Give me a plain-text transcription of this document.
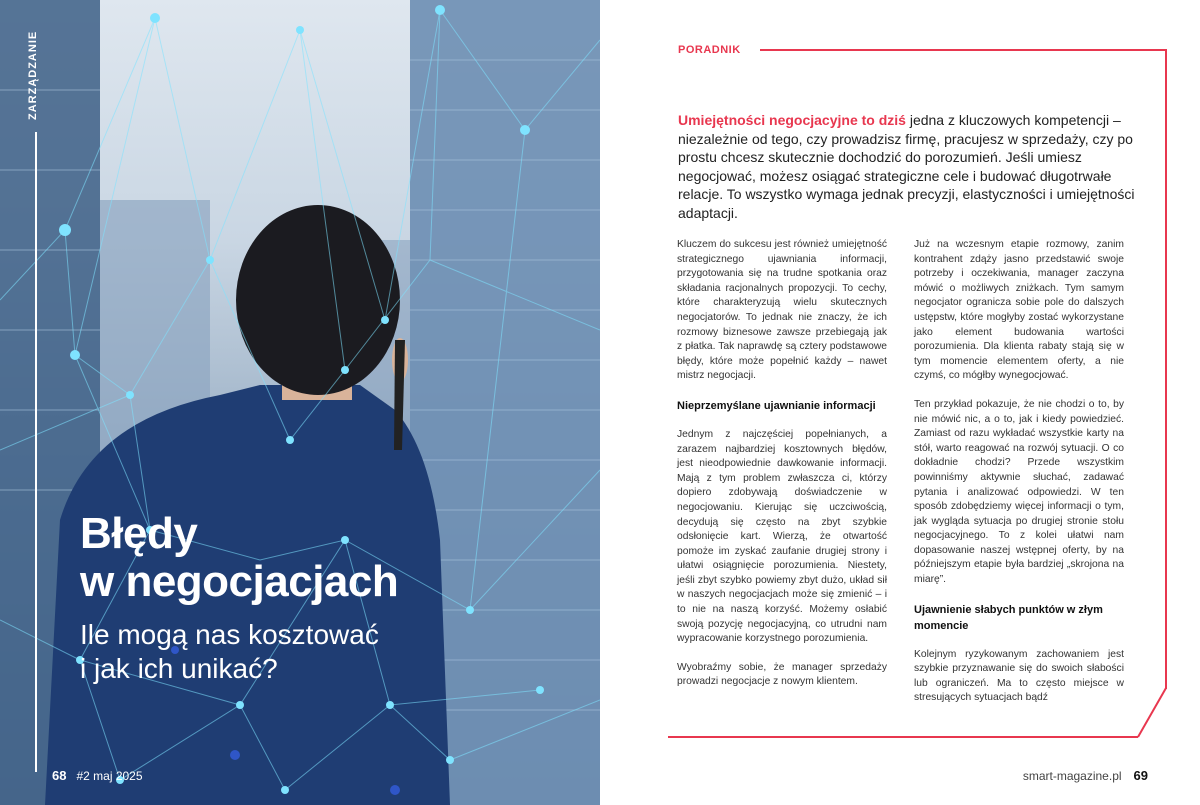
ZARZĄDZANIE
Błędy
w negocjacjach
Ile mogą nas kosztować
i jak ich unikać?
68 #2 maj 2025
PORADNIK

Umiejętności negocjacyjne to dziś jedna z kluczowych kompetencji – niezależnie od tego, czy prowadzisz firmę, pracujesz w sprzedaży, czy po prostu chcesz skutecznie dochodzić do porozumień. Jeśli umiesz negocjować, możesz osiągać strategiczne cele i budować długotrwałe relacje. To wszystko wymaga jednak precyzji, elastyczności i umiejętności adaptacji.

Kluczem do sukcesu jest również umiejętność strategicznego ujawniania informacji, przygotowania się na trudne spotkania oraz składania racjonalnych propozycji. To cechy, które charakteryzują wielu skutecznych negocjatorów. To jednak nie znaczy, że ich rozmowy biznesowe zawsze przebiegają jak z płatka. Tak naprawdę są cztery podstawowe błędy, które może popełnić każdy – nawet mistrz negocjacji.

Nieprzemyślane ujawnianie informacji

Jednym z najczęściej popełnianych, a zarazem najbardziej kosztownych błędów, jest nieodpowiednie dawkowanie informacji. Mają z tym problem zwłaszcza ci, którzy dopiero zdobywają doświadczenie w negocjowaniu. Kierując się uczciwością, decydują się często na zbyt szybkie odsłonięcie kart. Wierzą, że otwartość pomoże im zyskać zaufanie drugiej strony i ułatwi osiągnięcie porozumienia. Niestety, jeśli zbyt szybko powiemy zbyt dużo, układ sił w naszych negocjacjach może się zmienić – i to nie na naszą korzyść. Możemy osłabić swoją pozycję negocjacyjną, co utrudni nam wypracowanie korzystnego porozumienia.

Wyobraźmy sobie, że manager sprzedaży prowadzi negocjacje z nowym klientem.

Już na wczesnym etapie rozmowy, zanim kontrahent zdąży jasno przedstawić swoje potrzeby i oczekiwania, manager zaczyna mówić o możliwych zniżkach. Tym samym negocjator ogranicza sobie pole do dalszych ustępstw, które mogłyby zostać wykorzystane jako element budowania wartości porozumienia. Dla klienta rabaty stają się w tym momencie elementem oferty, a nie czymś, co mógłby wynegocjować.

Ten przykład pokazuje, że nie chodzi o to, by nie mówić nic, a o to, jak i kiedy powiedzieć. Zamiast od razu wykładać wszystkie karty na stół, warto reagować na rozwój sytuacji. O co dokładnie chodzi? Przede wszystkim powinniśmy aktywnie słuchać, zadawać pytania i analizować odpowiedzi. W ten sposób zdobędziemy więcej informacji o tym, jak wygląda sytuacja po drugiej stronie stołu negocjacyjnego. To z kolei ułatwi nam dopasowanie naszej wstępnej oferty, by na późniejszym etapie była bardziej „skrojona na miarę”.

Ujawnienie słabych punktów w złym momencie

Kolejnym ryzykowanym zachowaniem jest szybkie przyznawanie się do swoich słabości lub ograniczeń. Ma to często miejsce w stresujących sytuacjach bądź

smart-magazine.pl 69
